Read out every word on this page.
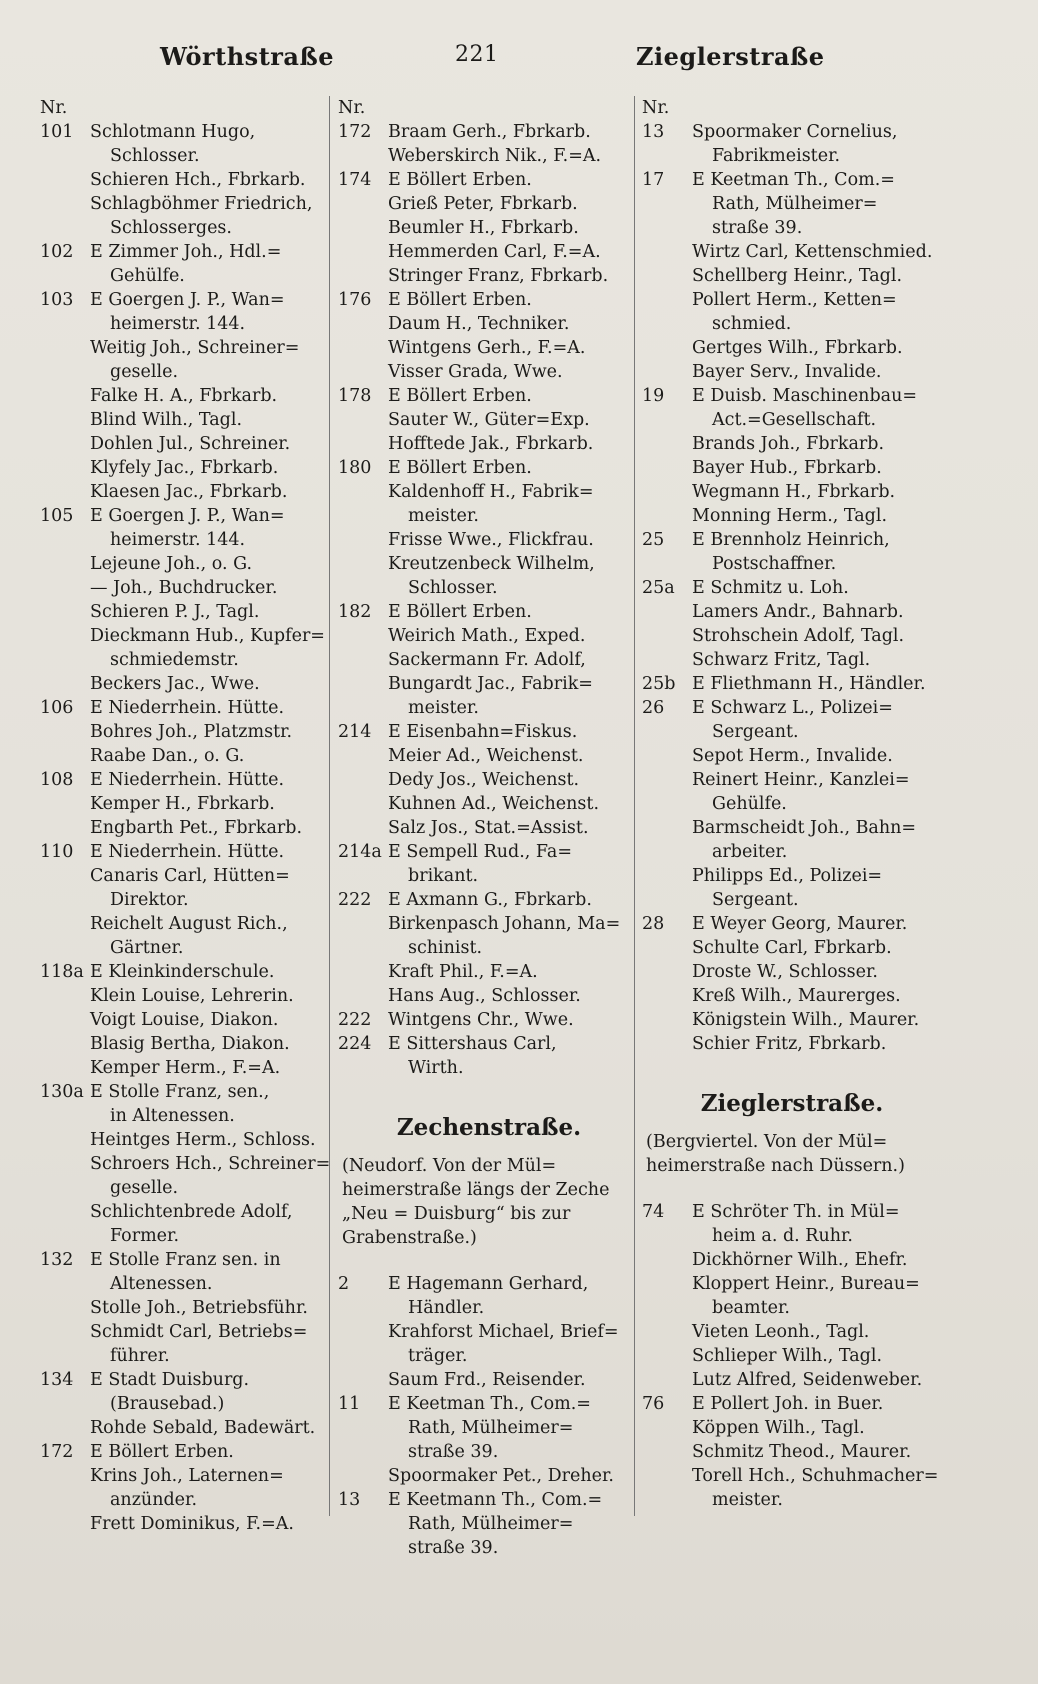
Wörthstraße	221	Zieglerstraße
Nr.
101 Schlotmann Hugo,
Schlosser.
Schieren Hch., Fbrkarb.
Schlagböhmer Friedrich,
Schlosserges.
102 E Zimmer Joh., Hdl.=
Gehülfe.
103 E Goergen J. P., Wan=
heimerstr. 144.
Weitig Joh., Schreiner=
geselle.
Falke H. A., Fbrkarb.
Blind Wilh., Tagl.
Dohlen Jul., Schreiner.
Klyfely Jac., Fbrkarb.
Klaesen Jac., Fbrkarb.
105 E Goergen J. P., Wan=
heimerstr. 144.
Lejeune Joh., o. G.
— Joh., Buchdrucker.
Schieren P. J., Tagl.
Dieckmann Hub., Kupfer=
schmiedemstr.
Beckers Jac., Wwe.
106 E Niederrhein. Hütte.
Bohres Joh., Platzmstr.
Raabe Dan., o. G.
108 E Niederrhein. Hütte.
Kemper H., Fbrkarb.
Engbarth Pet., Fbrkarb.
110 E Niederrhein. Hütte.
Canaris Carl, Hütten=
Direktor.
Reichelt August Rich.,
Gärtner.
118a E Kleinkinderschule.
Klein Louise, Lehrerin.
Voigt Louise, Diakon.
Blasig Bertha, Diakon.
Kemper Herm., F.=A.
130a E Stolle Franz, sen.,
in Altenessen.
Heintges Herm., Schloss.
Schroers Hch., Schreiner=
geselle.
Schlichtenbrede Adolf,
Former.
132 E Stolle Franz sen. in
Altenessen.
Stolle Joh., Betriebsführ.
Schmidt Carl, Betriebs=
führer.
134 E Stadt Duisburg.
(Brausebad.)
Rohde Sebald, Badewärt.
172 E Böllert Erben.
Krins Joh., Laternen=
anzünder.
Frett Dominikus, F.=A.
Nr.
172 Braam Gerh., Fbrkarb.
Weberskirch Nik., F.=A.
174 E Böllert Erben.
Grieß Peter, Fbrkarb.
Beumler H., Fbrkarb.
Hemmerden Carl, F.=A.
Stringer Franz, Fbrkarb.
176 E Böllert Erben.
Daum H., Techniker.
Wintgens Gerh., F.=A.
Visser Grada, Wwe.
178 E Böllert Erben.
Sauter W., Güter=Exp.
Hofftede Jak., Fbrkarb.
180 E Böllert Erben.
Kaldenhoff H., Fabrik=
meister.
Frisse Wwe., Flickfrau.
Kreutzenbeck Wilhelm,
Schlosser.
182 E Böllert Erben.
Weirich Math., Exped.
Sackermann Fr. Adolf,
Bungardt Jac., Fabrik=
meister.
214 E Eisenbahn=Fiskus.
Meier Ad., Weichenst.
Dedy Jos., Weichenst.
Kuhnen Ad., Weichenst.
Salz Jos., Stat.=Assist.
214a E Sempell Rud., Fa=
brikant.
222 E Axmann G., Fbrkarb.
Birkenpasch Johann, Ma=
schinist.
Kraft Phil., F.=A.
Hans Aug., Schlosser.
222 Wintgens Chr., Wwe.
224 E Sittershaus Carl,
Wirth.
Zechenstraße.
(Neudorf. Von der Mül=
heimerstraße längs der Zeche
„Neu = Duisburg“ bis zur
Grabenstraße.)
2 E Hagemann Gerhard,
Händler.
Krahforst Michael, Brief=
träger.
Saum Frd., Reisender.
11 E Keetman Th., Com.=
Rath, Mülheimer=
straße 39.
Spoormaker Pet., Dreher.
13 E Keetmann Th., Com.=
Rath, Mülheimer=
straße 39.
Nr.
13 Spoormaker Cornelius,
Fabrikmeister.
17 E Keetman Th., Com.=
Rath, Mülheimer=
straße 39.
Wirtz Carl, Kettenschmied.
Schellberg Heinr., Tagl.
Pollert Herm., Ketten=
schmied.
Gertges Wilh., Fbrkarb.
Bayer Serv., Invalide.
19 E Duisb. Maschinenbau=
Act.=Gesellschaft.
Brands Joh., Fbrkarb.
Bayer Hub., Fbrkarb.
Wegmann H., Fbrkarb.
Monning Herm., Tagl.
25 E Brennholz Heinrich,
Postschaffner.
25a E Schmitz u. Loh.
Lamers Andr., Bahnarb.
Strohschein Adolf, Tagl.
Schwarz Fritz, Tagl.
25b E Fliethmann H., Händler.
26 E Schwarz L., Polizei=
Sergeant.
Sepot Herm., Invalide.
Reinert Heinr., Kanzlei=
Gehülfe.
Barmscheidt Joh., Bahn=
arbeiter.
Philipps Ed., Polizei=
Sergeant.
28 E Weyer Georg, Maurer.
Schulte Carl, Fbrkarb.
Droste W., Schlosser.
Kreß Wilh., Maurerges.
Königstein Wilh., Maurer.
Schier Fritz, Fbrkarb.
Zieglerstraße.
(Bergviertel. Von der Mül=
heimerstraße nach Düssern.)
74 E Schröter Th. in Mül=
heim a. d. Ruhr.
Dickhörner Wilh., Ehefr.
Kloppert Heinr., Bureau=
beamter.
Vieten Leonh., Tagl.
Schlieper Wilh., Tagl.
Lutz Alfred, Seidenweber.
76 E Pollert Joh. in Buer.
Köppen Wilh., Tagl.
Schmitz Theod., Maurer.
Torell Hch., Schuhmacher=
meister.
